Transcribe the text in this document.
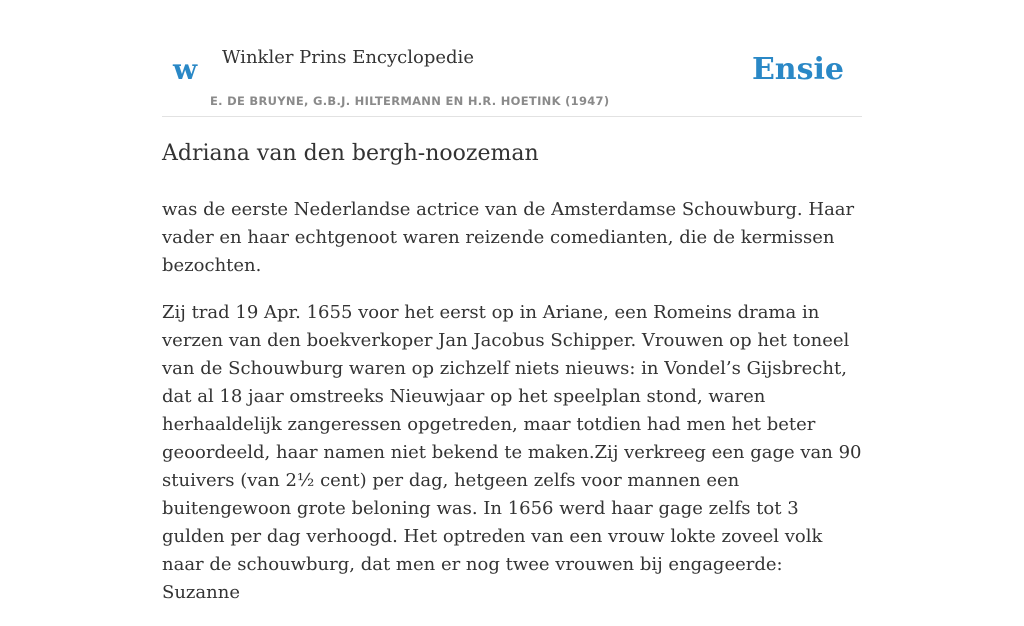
w Winkler Prins Encyclopedie
E. DE BRUYNE, G.B.J. HILTERMANN EN H.R. HOETINK (1947)
Ensie
Adriana van den bergh-noozeman

was de eerste Nederlandse actrice van de Amsterdamse Schouwburg. Haar vader en haar echtgenoot waren reizende comedianten, die de kermissen bezochten.

Zij trad 19 Apr. 1655 voor het eerst op in Ariane, een Romeins drama in verzen van den boekverkoper Jan Jacobus Schipper. Vrouwen op het toneel van de Schouwburg waren op zichzelf niets nieuws: in Vondel’s Gijsbrecht, dat al 18 jaar omstreeks Nieuwjaar op het speelplan stond, waren herhaaldelijk zangeressen opgetreden, maar totdien had men het beter geoordeeld, haar namen niet bekend te maken.Zij verkreeg een gage van 90 stuivers (van 2½ cent) per dag, hetgeen zelfs voor mannen een buitengewoon grote beloning was. In 1656 werd haar gage zelfs tot 3 gulden per dag verhoogd. Het optreden van een vrouw lokte zoveel volk naar de schouwburg, dat men er nog twee vrouwen bij engageerde: Suzanne
